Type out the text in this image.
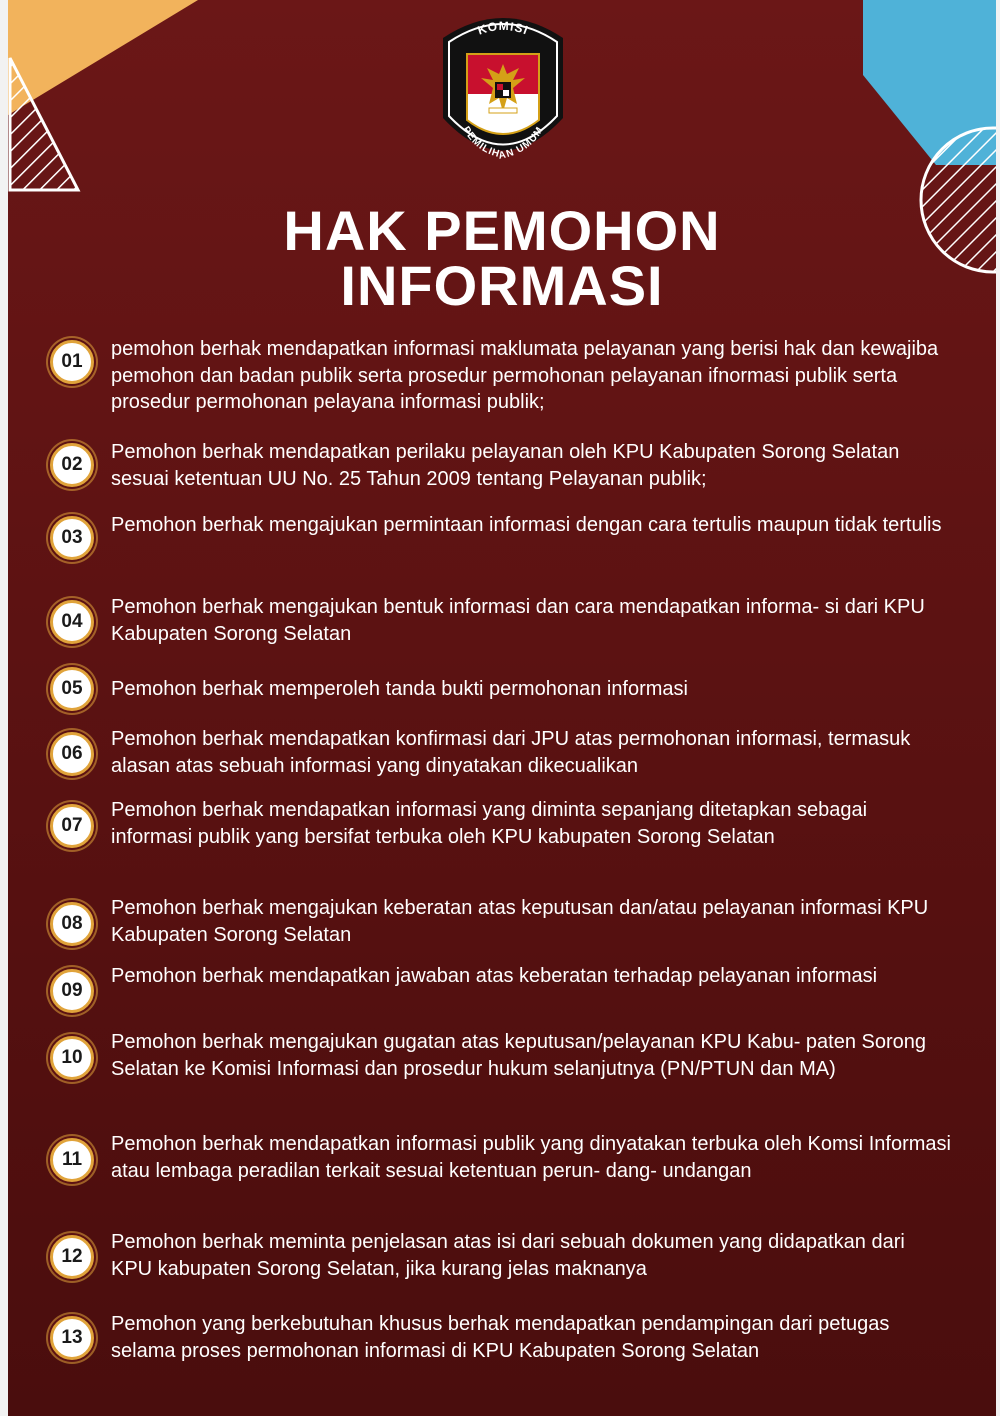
KOMISI
PEMILIHAN UMUM
HAK PEMOHON
INFORMASI
01
pemohon berhak mendapatkan informasi maklumata pelayanan yang berisi hak dan kewajiba pemohon dan badan publik serta prosedur permohonan pelayanan ifnormasi publik serta prosedur permohonan pelayana informasi publik;
02
Pemohon berhak mendapatkan perilaku pelayanan oleh KPU Kabupaten Sorong Selatan sesuai ketentuan UU No. 25 Tahun 2009 tentang Pelayanan publik;
03
Pemohon berhak mengajukan permintaan informasi dengan cara tertulis maupun tidak tertulis
04
Pemohon berhak mengajukan bentuk informasi dan cara mendapatkan informa- si dari KPU Kabupaten Sorong Selatan
05	Pemohon berhak memperoleh tanda bukti permohonan informasi
06
Pemohon berhak mendapatkan konfirmasi dari JPU atas permohonan informasi, termasuk alasan atas sebuah informasi yang dinyatakan dikecualikan
07
Pemohon berhak mendapatkan informasi yang diminta sepanjang ditetapkan sebagai informasi publik yang bersifat terbuka oleh KPU kabupaten Sorong Selatan
08
Pemohon berhak mengajukan keberatan atas keputusan dan/atau pelayanan informasi KPU Kabupaten Sorong Selatan
09
Pemohon berhak mendapatkan jawaban atas keberatan terhadap pelayanan informasi
10
Pemohon berhak mengajukan gugatan atas keputusan/pelayanan KPU Kabu- paten Sorong Selatan ke Komisi Informasi dan prosedur hukum selanjutnya (PN/PTUN dan MA)
11
Pemohon berhak mendapatkan informasi publik yang dinyatakan terbuka oleh Komsi Informasi atau lembaga peradilan terkait sesuai ketentuan perun- dang- undangan
12
Pemohon berhak meminta penjelasan atas isi dari sebuah dokumen yang didapatkan dari KPU kabupaten Sorong Selatan, jika kurang jelas maknanya
13
Pemohon yang berkebutuhan khusus berhak mendapatkan pendampingan dari petugas selama proses permohonan informasi di KPU Kabupaten Sorong Selatan
